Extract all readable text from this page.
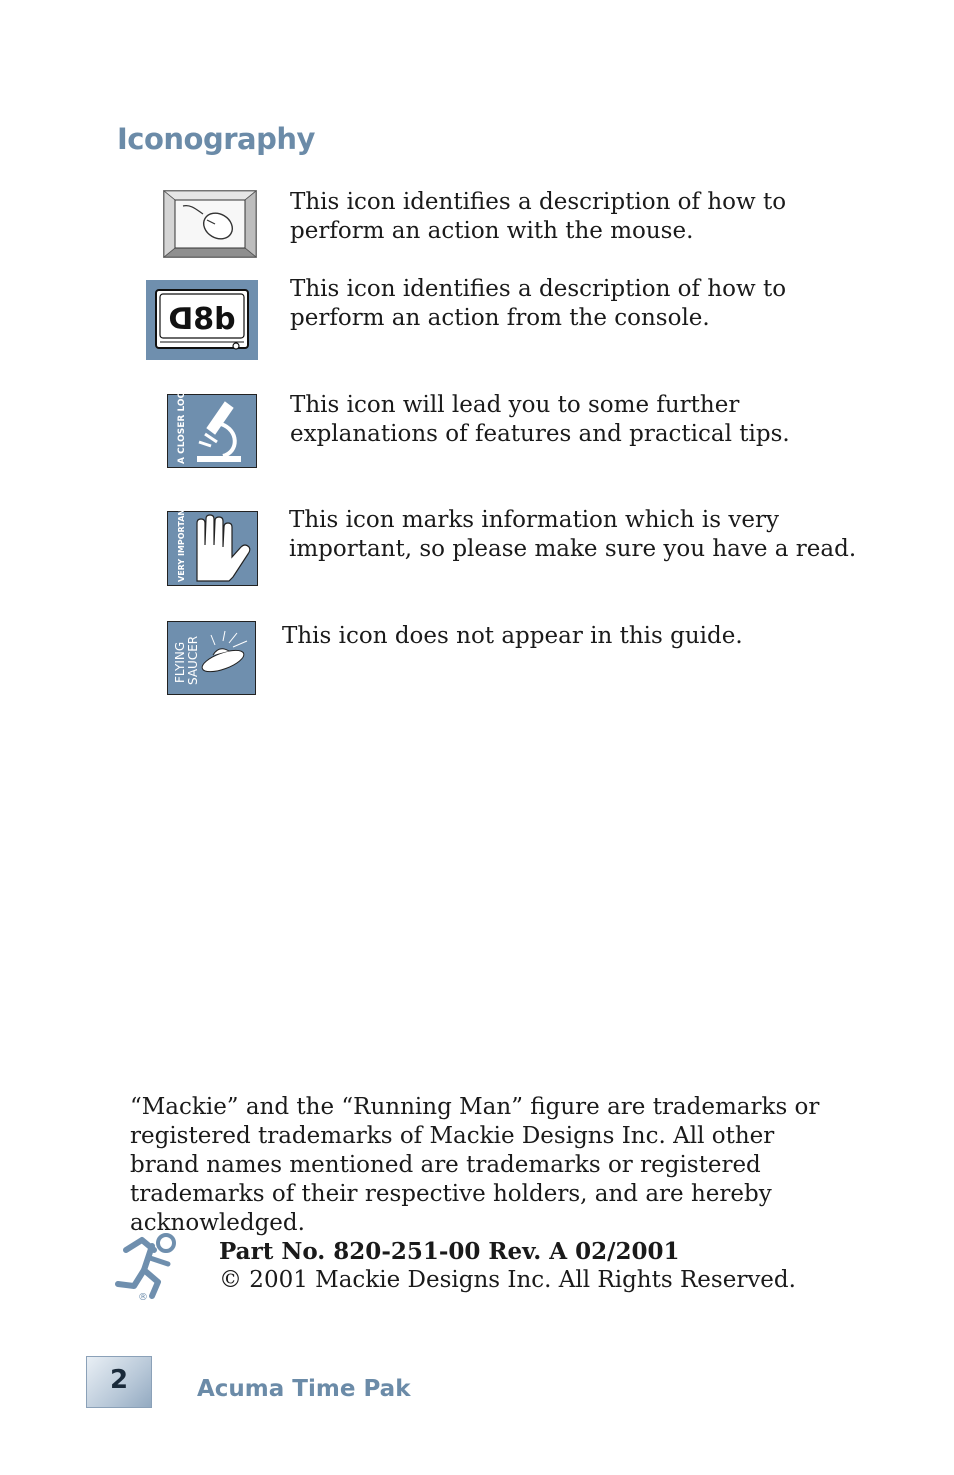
Iconography
This icon identifies a description of how to
perform an action with the mouse.
ꓷ8b
This icon identifies a description of how to
perform an action from the console.
A CLOSER LOOK	This icon will lead you to some further
explanations of features and practical tips.
VERY IMPORTANT	This icon marks information which is very
important, so please make sure you have a read.
FLYING SAUCER	This icon does not appear in this guide.

“Mackie” and the “Running Man” figure are trademarks or registered trademarks of Mackie Designs Inc. All other brand names mentioned are trademarks or registered trademarks of their respective holders, and are hereby acknowledged.

®
Part No. 820-251-00 Rev. A 02/2001
© 2001 Mackie Designs Inc. All Rights Reserved.
2	Acuma Time Pak
